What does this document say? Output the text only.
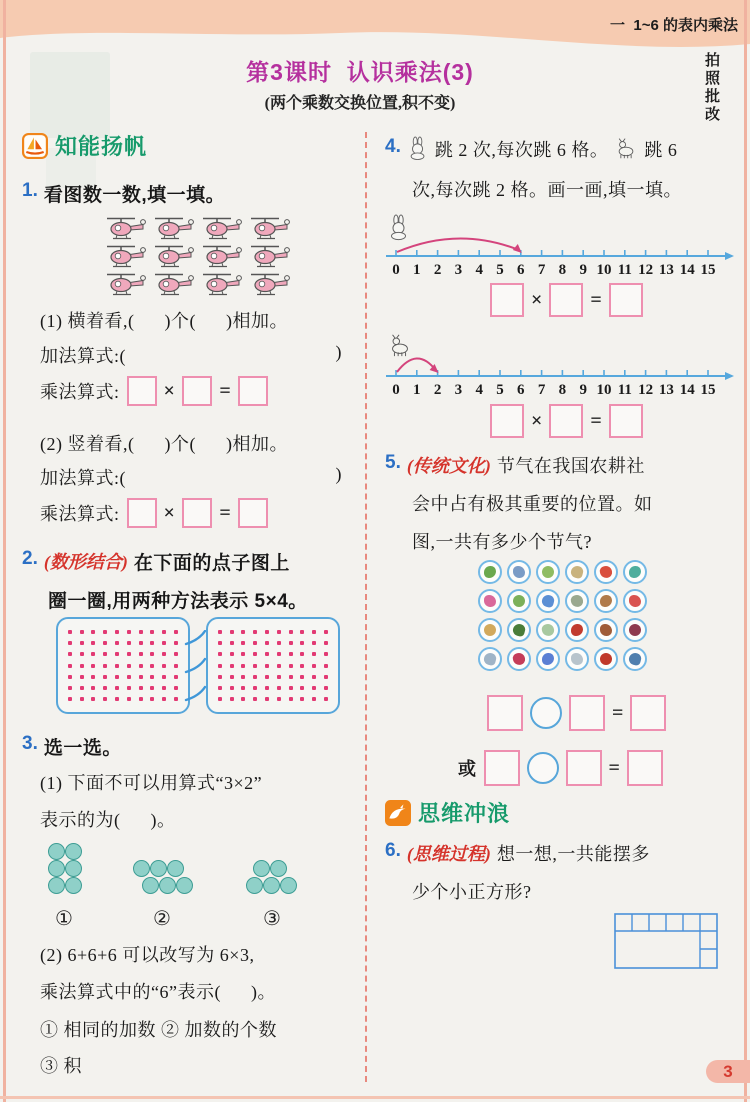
一  1~6 的表内乘法
第3课时  认识乘法(3)
(两个乘数交换位置,积不变)	拍照批改
知能扬帆
1. 看图数一数,填一填。
(1) 横着看,(      )个(      )相加。
加法算式:(	)
乘法算式: × =
(2) 竖着看,(      )个(      )相加。
加法算式:(	)
乘法算式: × =
2. (数形结合) 在下面的点子图上
圈一圈,用两种方法表示 5×4。
3. 选一选。
(1) 下面不可以用算式“3×2”
表示的为(      )。
①	②	③
(2) 6+6+6 可以改写为 6×3,
乘法算式中的“6”表示(      )。
① 相同的加数 ② 加数的个数
③ 积
4. 跳 2 次,每次跳 6 格。 跳 6
次,每次跳 2 格。画一画,填一填。
0 1 2 3 4 5 6 7 8 9 10 11 12 13 14 15
× =
0 1 2 3 4 5 6 7 8 9 10 11 12 13 14 15
× =
5. (传统文化) 节气在我国农耕社
会中占有极其重要的位置。如
图,一共有多少个节气?
=
或	=
思维冲浪
6. (思维过程) 想一想,一共能摆多
少个小正方形?
3
